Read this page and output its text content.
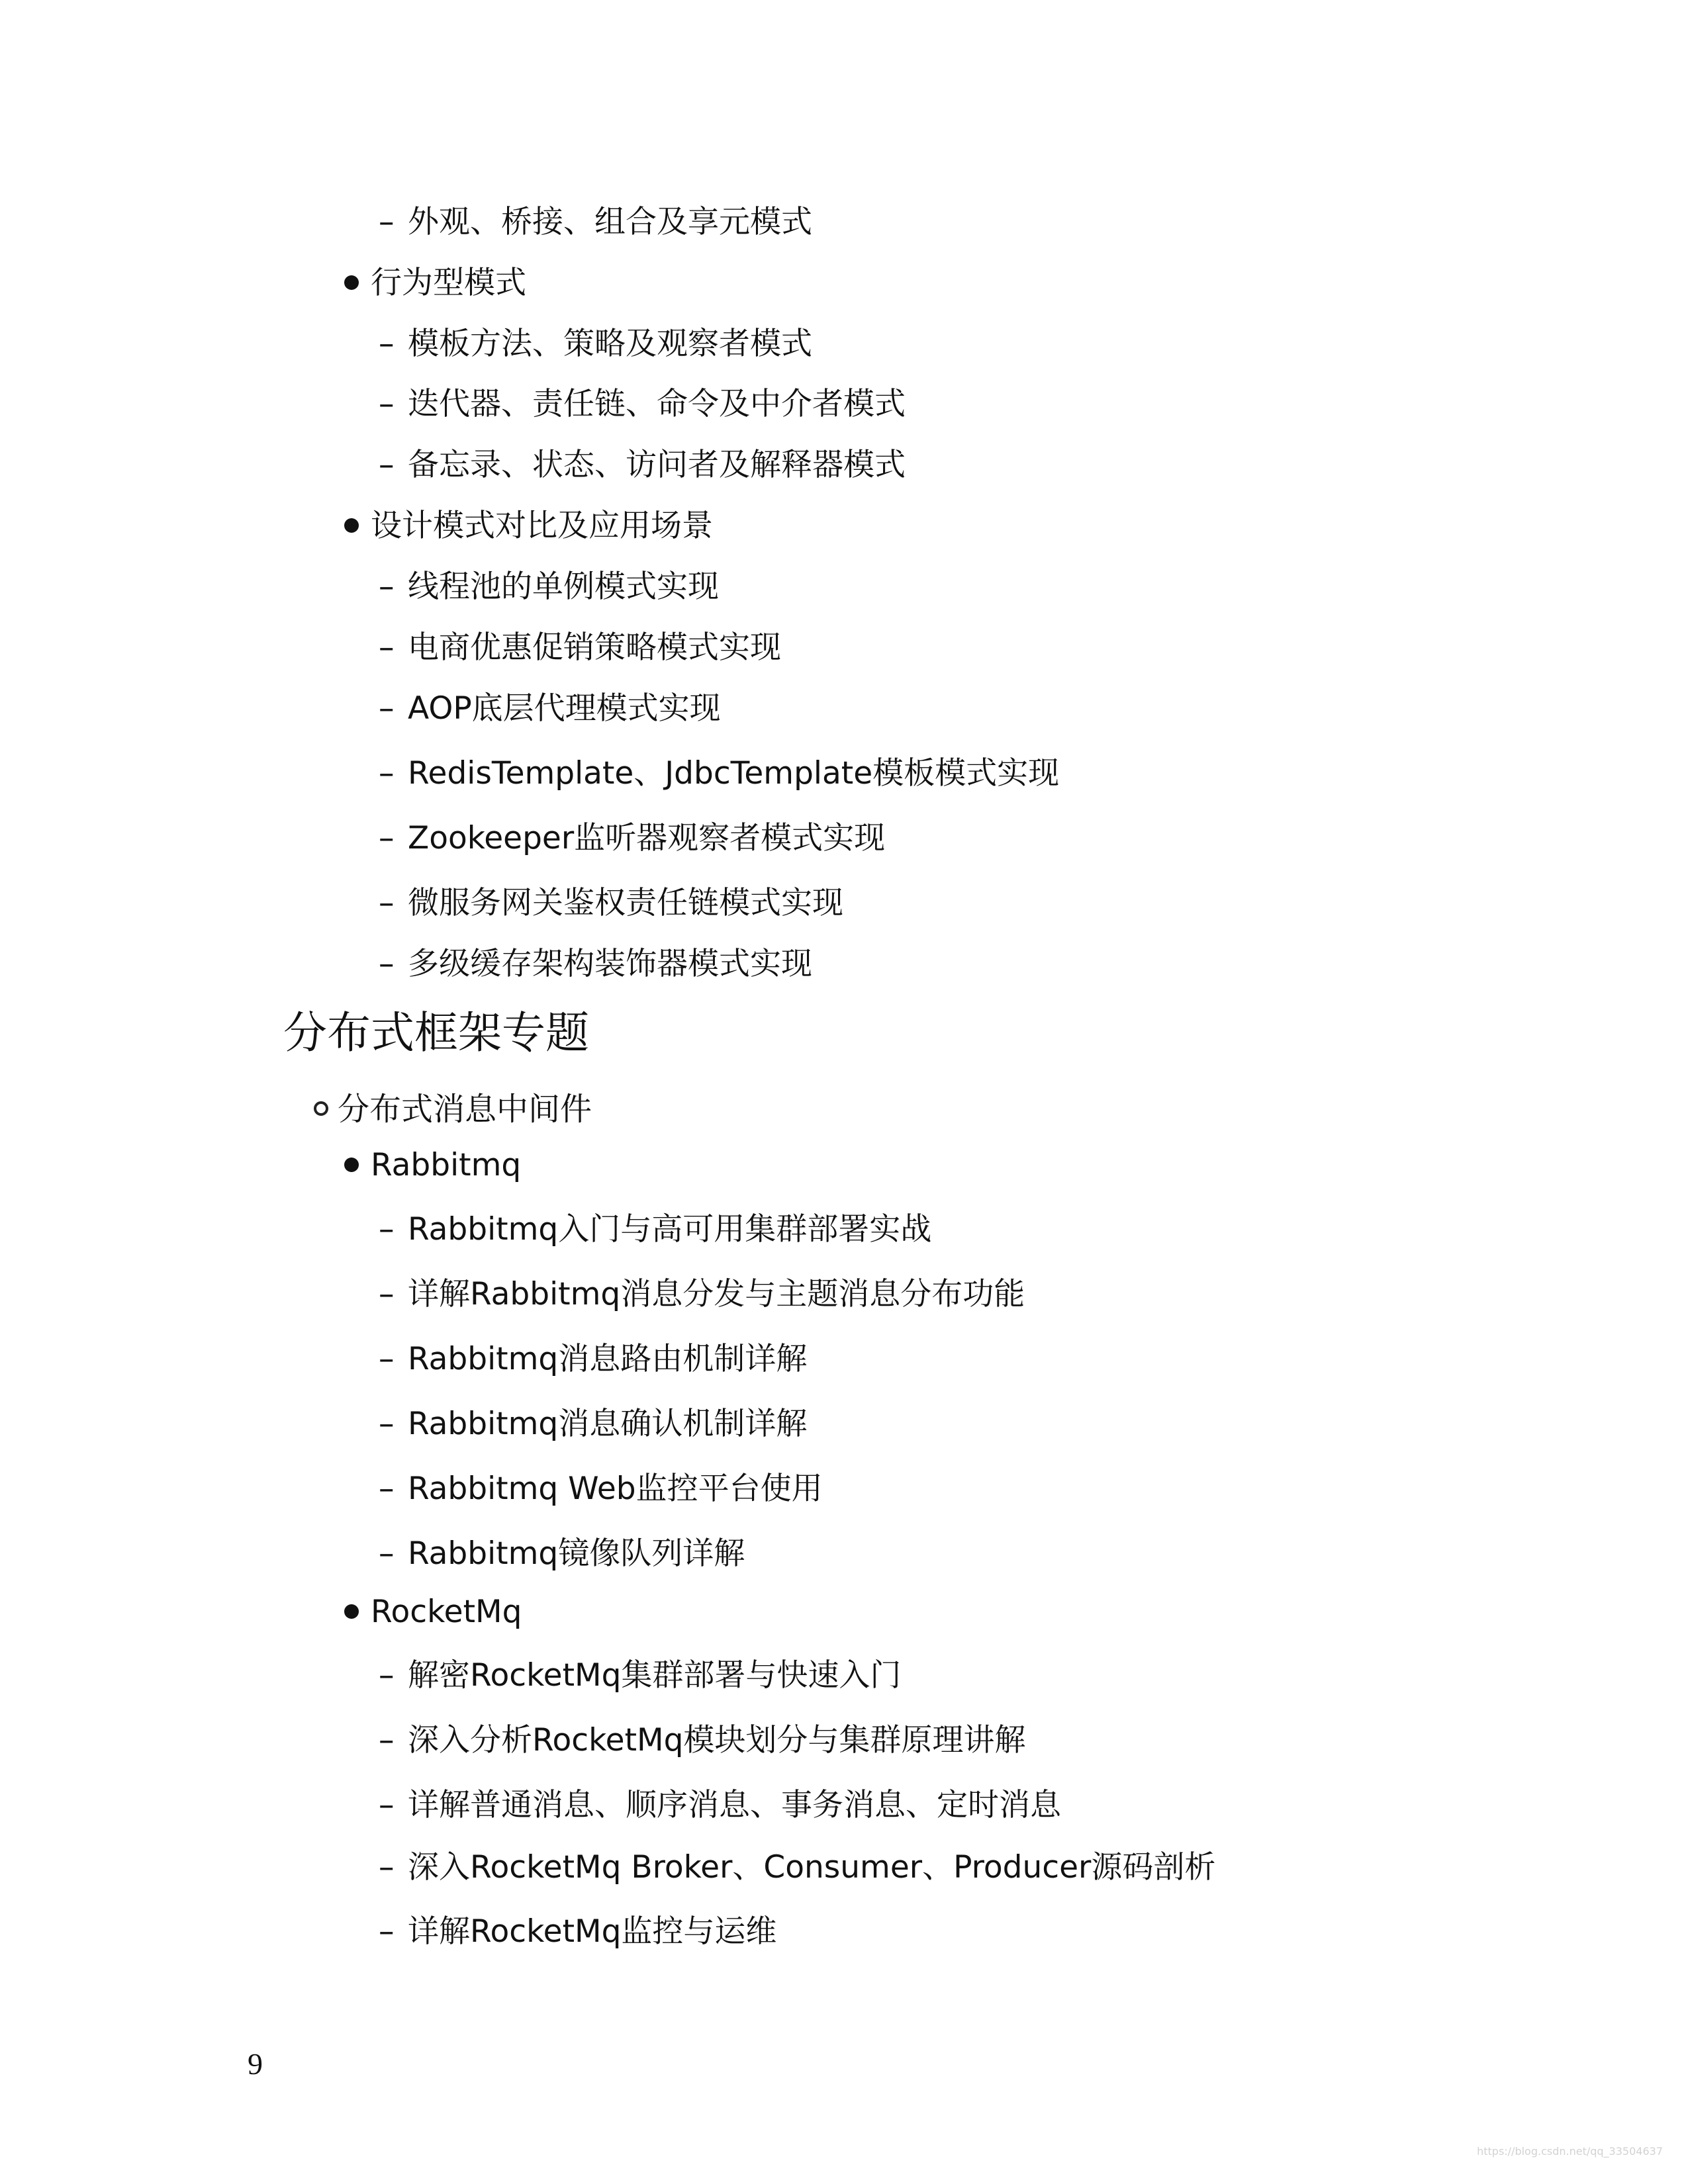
– 外观、桥接、组合及享元模式
行为型模式
– 模板方法、策略及观察者模式
– 迭代器、责任链、命令及中介者模式
– 备忘录、状态、访问者及解释器模式
设计模式对比及应用场景
– 线程池的单例模式实现
– 电商优惠促销策略模式实现
– AOP底层代理模式实现
– RedisTemplate、JdbcTemplate模板模式实现
– Zookeeper监听器观察者模式实现
– 微服务网关鉴权责任链模式实现
– 多级缓存架构装饰器模式实现
分布式框架专题
分布式消息中间件
Rabbitmq
– Rabbitmq入门与高可用集群部署实战
– 详解Rabbitmq消息分发与主题消息分布功能
– Rabbitmq消息路由机制详解
– Rabbitmq消息确认机制详解
– Rabbitmq Web监控平台使用
– Rabbitmq镜像队列详解
RocketMq
– 解密RocketMq集群部署与快速入门
– 深入分析RocketMq模块划分与集群原理讲解
– 详解普通消息、顺序消息、事务消息、定时消息
– 深入RocketMq Broker、Consumer、Producer源码剖析
– 详解RocketMq监控与运维
9
https://blog.csdn.net/qq_33504637
